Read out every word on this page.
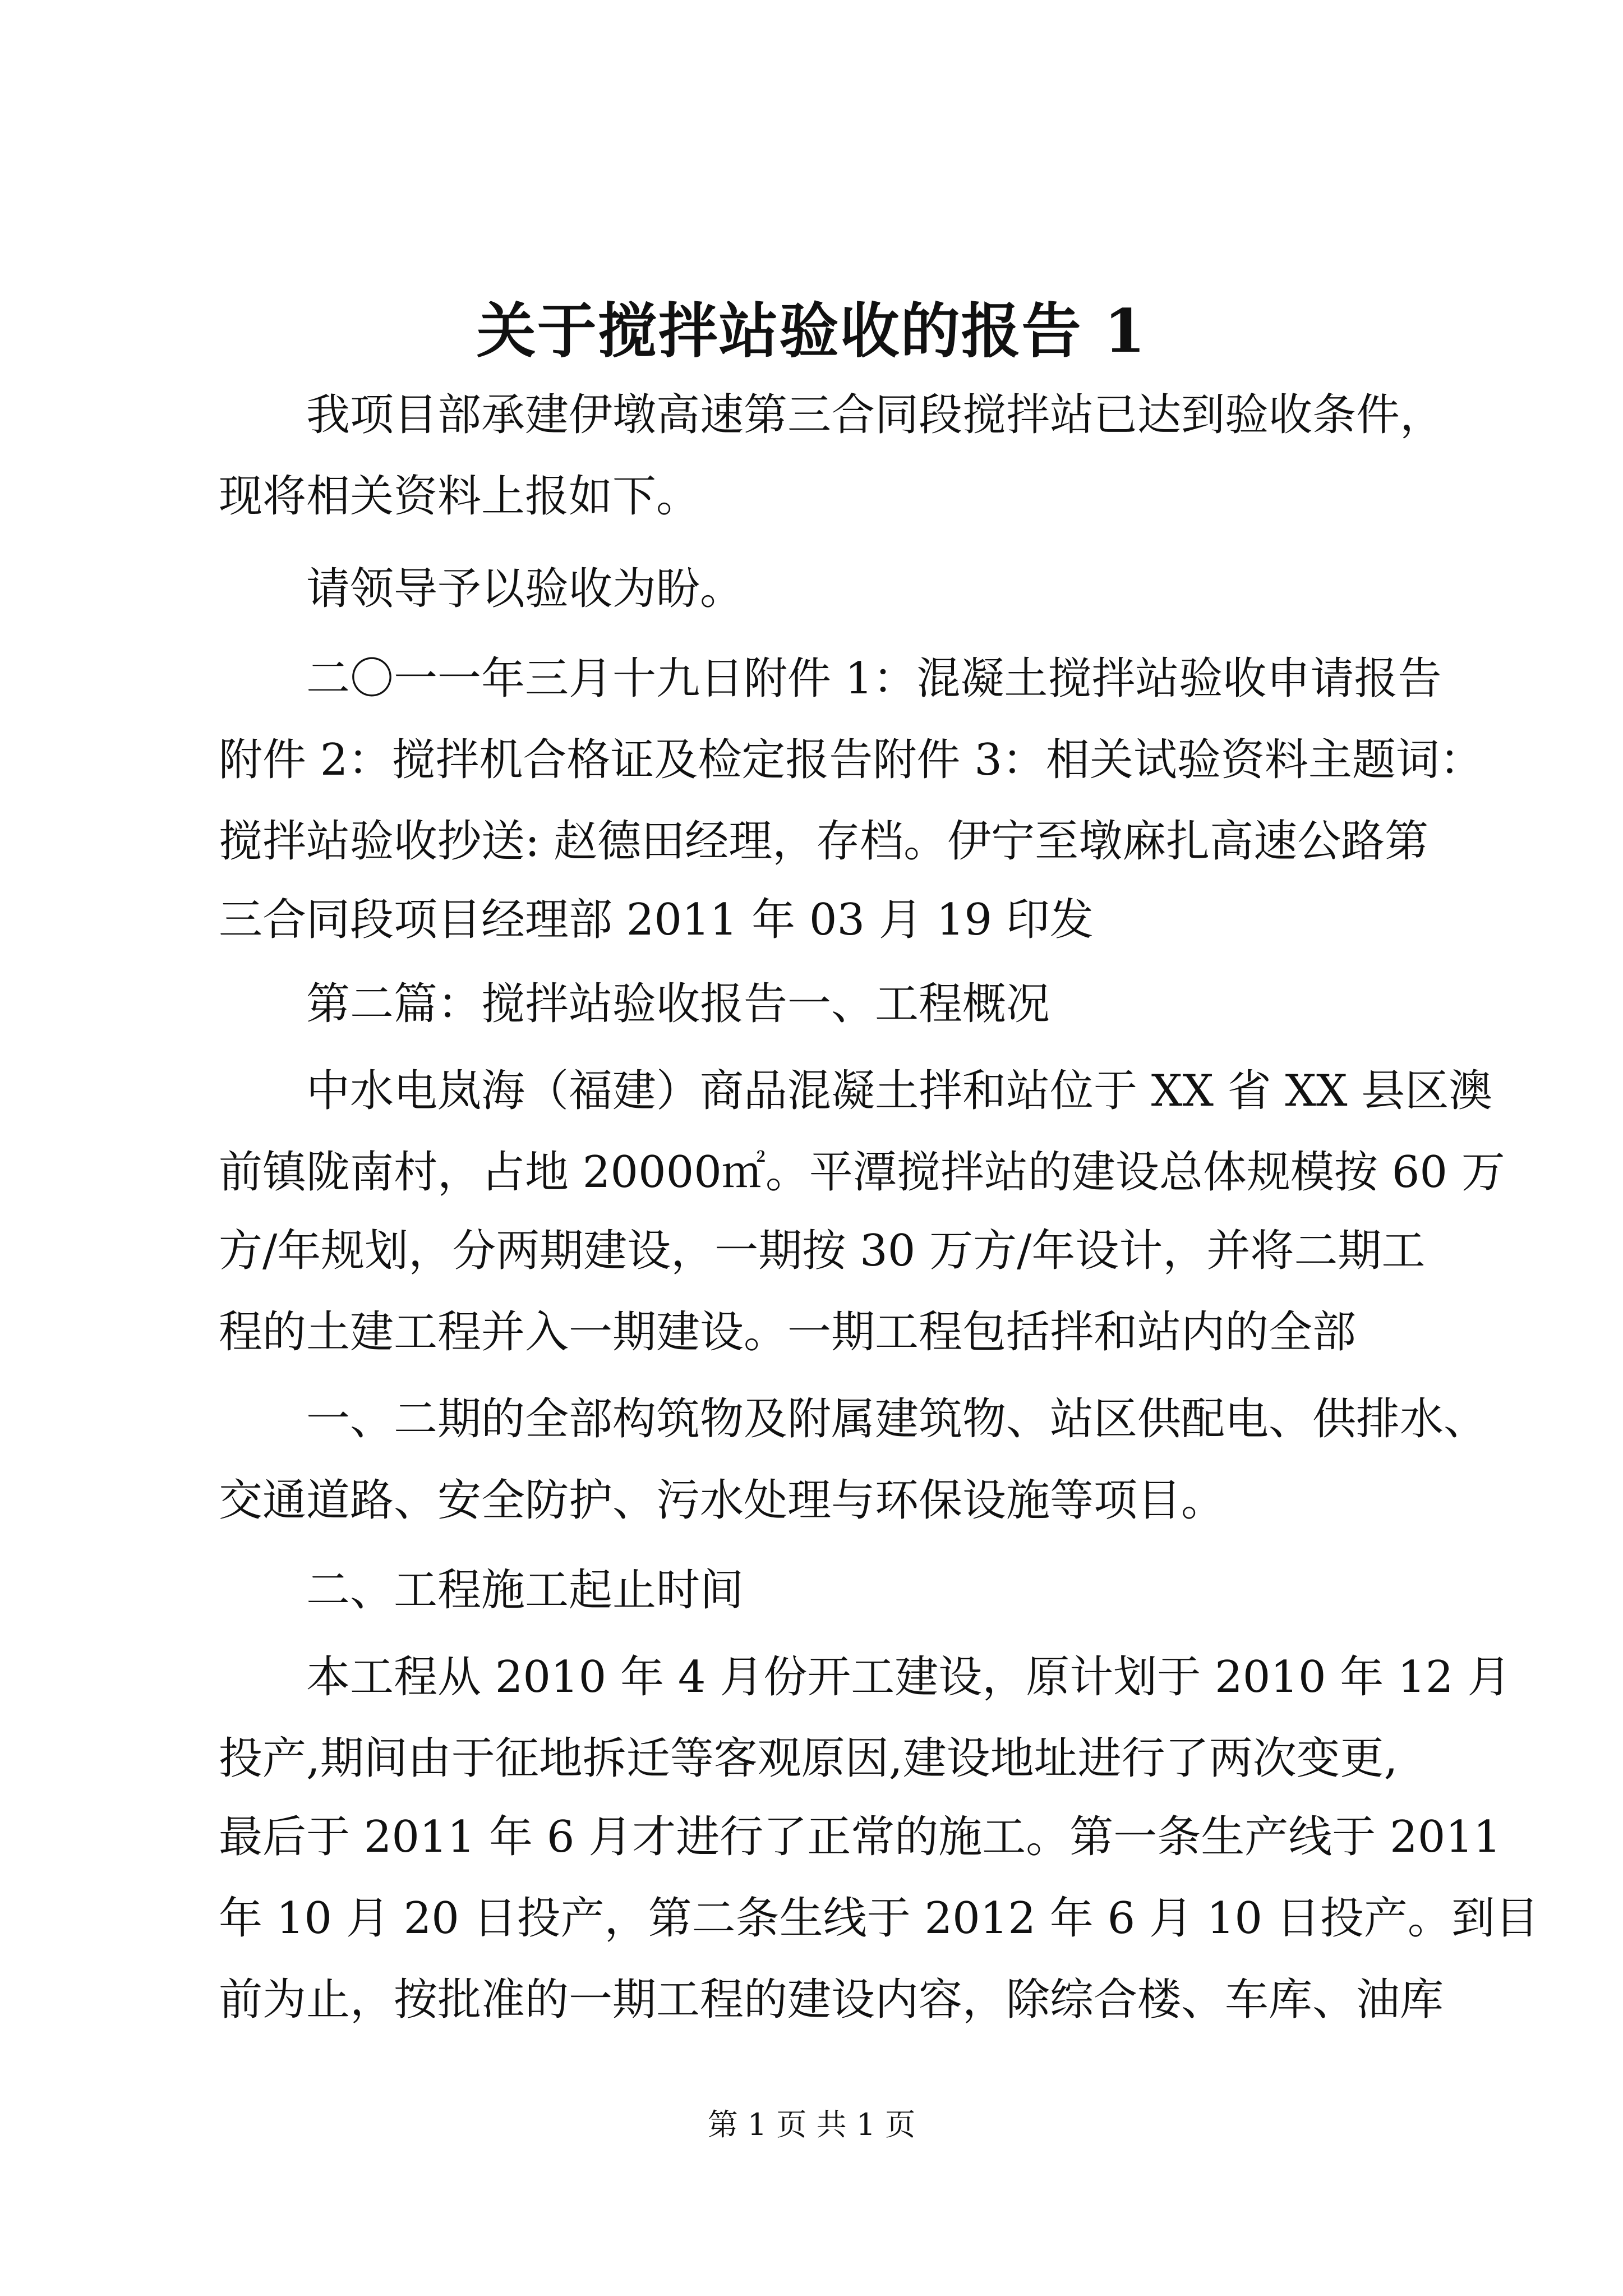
关于搅拌站验收的报告 1
我项目部承建伊墩高速第三合同段搅拌站已达到验收条件，
现将相关资料上报如下。
请领导予以验收为盼。
二〇一一年三月十九日附件 1：混凝土搅拌站验收申请报告
附件 2：搅拌机合格证及检定报告附件 3：相关试验资料主题词：
搅拌站验收抄送: 赵德田经理，存档。伊宁至墩麻扎高速公路第
三合同段项目经理部 2011 年 03 月 19 印发
第二篇：搅拌站验收报告一、工程概况
中水电岚海（福建）商品混凝土拌和站位于 XX 省 XX 县区澳
前镇陇南村，占地 20000㎡。平潭搅拌站的建设总体规模按 60 万
方/年规划，分两期建设，一期按 30 万方/年设计，并将二期工
程的土建工程并入一期建设。一期工程包括拌和站内的全部
一、二期的全部构筑物及附属建筑物、站区供配电、供排水、
交通道路、安全防护、污水处理与环保设施等项目。
二、工程施工起止时间
本工程从 2010 年 4 月份开工建设，原计划于 2010 年 12 月
投产,期间由于征地拆迁等客观原因,建设地址进行了两次变更,
最后于 2011 年 6 月才进行了正常的施工。第一条生产线于 2011
年 10 月 20 日投产，第二条生线于 2012 年 6 月 10 日投产。到目
前为止，按批准的一期工程的建设内容，除综合楼、车库、油库
第 1 页 共 1 页
